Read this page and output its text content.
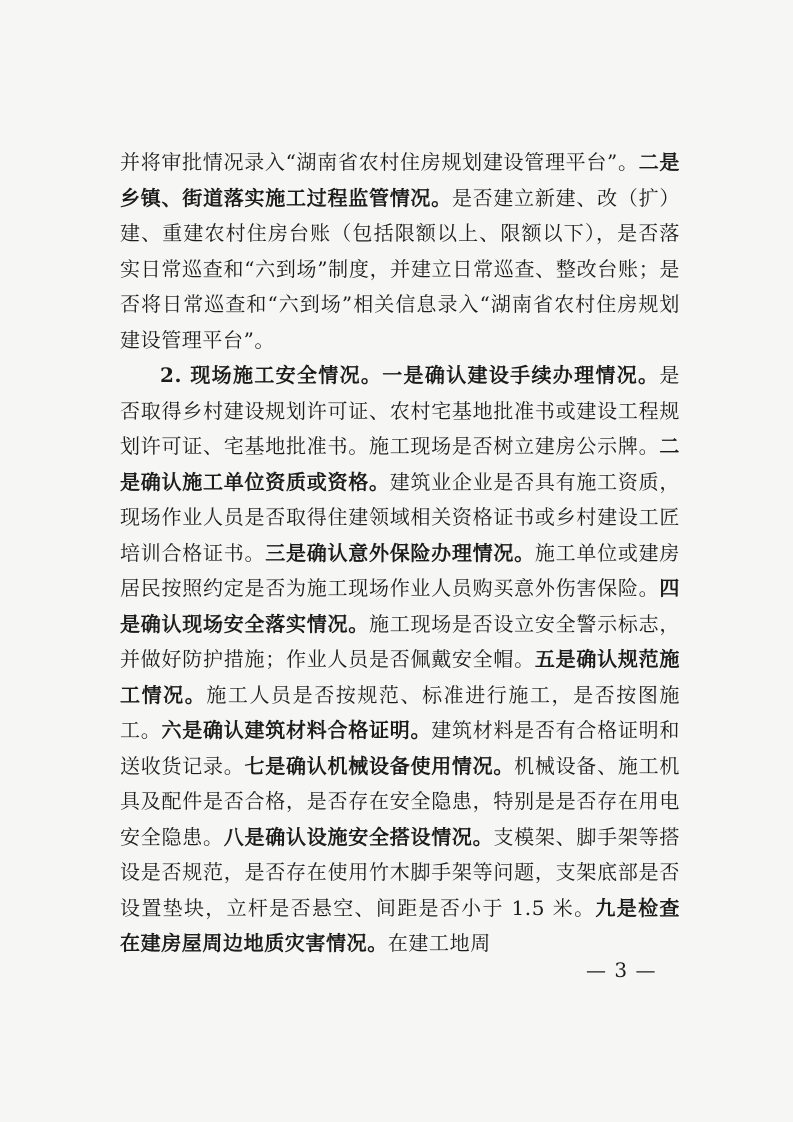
并将审批情况录入“湖南省农村住房规划建设管理平台”。二是乡镇、街道落实施工过程监管情况。是否建立新建、改（扩）建、重建农村住房台账（包括限额以上、限额以下），是否落实日常巡查和“六到场”制度，并建立日常巡查、整改台账；是否将日常巡查和“六到场”相关信息录入“湖南省农村住房规划建设管理平台”。

2. 现场施工安全情况。一是确认建设手续办理情况。是否取得乡村建设规划许可证、农村宅基地批准书或建设工程规划许可证、宅基地批准书。施工现场是否树立建房公示牌。二是确认施工单位资质或资格。建筑业企业是否具有施工资质，现场作业人员是否取得住建领域相关资格证书或乡村建设工匠培训合格证书。三是确认意外保险办理情况。施工单位或建房居民按照约定是否为施工现场作业人员购买意外伤害保险。四是确认现场安全落实情况。施工现场是否设立安全警示标志，并做好防护措施；作业人员是否佩戴安全帽。五是确认规范施工情况。施工人员是否按规范、标准进行施工，是否按图施工。六是确认建筑材料合格证明。建筑材料是否有合格证明和送收货记录。七是确认机械设备使用情况。机械设备、施工机具及配件是否合格，是否存在安全隐患，特别是是否存在用电安全隐患。八是确认设施安全搭设情况。支模架、脚手架等搭设是否规范，是否存在使用竹木脚手架等问题，支架底部是否设置垫块，立杆是否悬空、间距是否小于 1.5 米。九是检查在建房屋周边地质灾害情况。在建工地周

— 3 —
